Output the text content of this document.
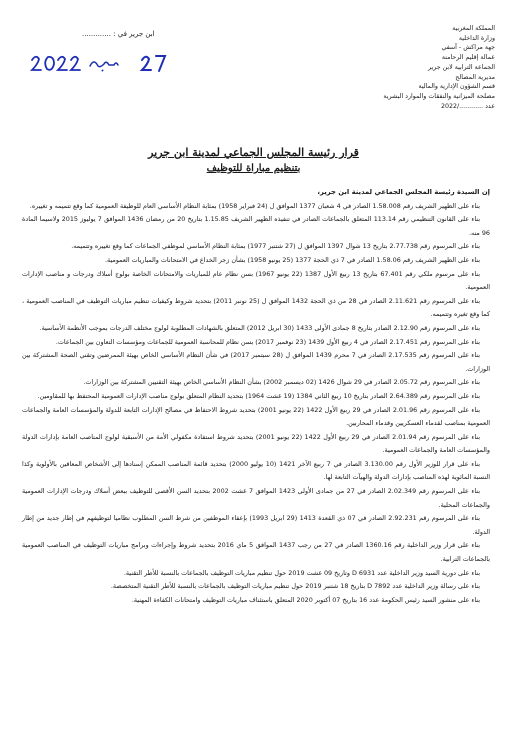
المملكة المغربية
وزارة الداخلية
جهة مراكش - آسفي
عمالة إقليم الرحامنة
الجماعة الترابية لابن جرير
مديرية المصالح
قسم الشؤون الإدارية والمالية
مصلحة الميزانية والنفقات والموارد البشرية
عدد ............/2022
ابن جرير في : .............
قرار رئيسة المجلس الجماعي لمدينة ابن جرير
بتنظيم مباراة للتوظيف

إن السيدة رئيسة المجلس الجماعي لمدينة ابن جرير،

بناء على الظهير الشريف رقم 1.58.008 الصادر في 4 شعبان 1377 الموافق ل (24 فبراير 1958) بمثابة النظام الأساسي العام للوظيفة العمومية كما وقع تتميمه و تغييره.

بناء على القانون التنظيمي رقم 113.14 المتعلق بالجماعات الصادر في تنفيذه الظهير الشريف 1.15.85 بتاريخ 20 من رمضان 1436 الموافق 7 يوليوز 2015 ولاسيما المادة 96 منه.

بناء على المرسوم رقم 2.77.738 بتاريخ 13 شوال 1397 الموافق ل (27 شتنبر 1977) بمثابة النظام الأساسي لموظفي الجماعات كما وقع تغييره وتتميمه.

بناء على الظهير الشريف رقم 1.58.06 الصادر في 7 ذي الحجة 1377 (25 يونيو 1958) بشأن زجر الخداع في الامتحانات والمباريات العمومية.

بناء على مرسوم ملكي رقم 67.401 بتاريخ 13 ربيع الأول 1387 (22 يونيو 1967) بسن نظام عام للمباريات والامتحانات الخاصة بولوج أسلاك ودرجات و مناصب الإدارات العمومية.

بناء على المرسوم رقم 2.11.621 الصادر في 28 من ذي الحجة 1432 الموافق ل (25 نونبر 2011) بتحديد شروط وكيفيات تنظيم مباريات التوظيف في المناصب العمومية ، كما وقع تغيره وتتميمه.

بناء على المرسوم رقم 2.12.90 الصادر بتاريخ 8 جمادى الأولى 1433 (30 ابريل 2012) المتعلق بالشهادات المطلوبة لولوج مختلف الدرجات بموجب الأنظمة الأساسية.

بناء على المرسوم رقم 2.17.451 الصادر في 4 ربيع الأول 1439 (23 نوفمبر 2017) بسن نظام للمحاسبة العمومية للجماعات ومؤسسات التعاون بين الجماعات.

بناء على المرسوم رقم 2.17.535 الصادر في 7 محرم 1439 الموافق ل (28 سبتمبر 2017) في شأن النظام الأساسي الخاص بهيئة الممرضين وتقني الصحة المشتركة بين الوزارات.

بناء على المرسوم رقم 2.05.72 الصادر في 29 شوال 1426 (02 ديسمبر 2002) بشأن النظام الأساسي الخاص بهيئة التقنيين المشتركة بين الوزارات.

بناء على المرسوم رقم 2.64.389 الصادر بتاريخ 10 ربيع الثاني 1384 (19 غشت 1964) بتحديد النظام المتعلق بولوج مناصب الإدارات العمومية المحتفظ بها للمقاومين.

بناء على المرسوم رقم 2.01.96 الصادر في 29 ربيع الأول 1422 (22 يونيو 2001) بتحديد شروط الاحتفاظ في مصالح الإدارات التابعة للدولة والمؤسسات العامة والجماعات العمومية بمناصب لقدماء العسكريين وقدماء المحاربين.

بناء على المرسوم رقم 2.01.94 الصادر في 29 ربيع الأول 1422 (22 يونيو 2001) بتحديد شروط استفادة مكفولي الأمة من الأسبقية لولوج المناصب العامة بإدارات الدولة والمؤسسات العامة والجماعات العمومية.

بناء على قرار للوزير الأول رقم 3.130.00 الصادر في 7 ربيع الآخر 1421 (10 يوليو 2000) بتحديد قائمة المناصب الممكن إسنادها إلى الأشخاص المعاقين بالأولوية وكذا النسبة المائوية لهذه المناصب بإدارات الدولة والهيآت التابعة لها.

بناء على المرسوم رقم 2.02.349 الصادر في 27 من جمادى الأولى 1423 الموافق 7 غشت 2002 بتحديد السن الأقصى للتوظيف ببعض أسلاك ودرجات الإدارات العمومية والجماعات المحلية.

بناء على المرسوم رقم 2.92.231 الصادر في 07 ذي القعدة 1413 (29 ابريل 1993) بإعفاء الموظفين من شرط السن المطلوب نظاميا لتوظيفهم في إطار جديد من إطار الدولة.

بناء على قرار وزير الداخلية رقم 1360.16 الصادر في 27 من رجب 1437 الموافق 5 ماي 2016 بتحديد شروط وإجراءات وبرامج مباريات التوظيف في المناصب العمومية بالجماعات الترابية.

بناء على دورية السيد وزير الداخلية عدد D 6931 وتاريخ 09 غشت 2019 حول تنظيم مباريات التوظيف بالجماعات بالنسبة للأطر التقنية.

بناء على رسالة وزير الداخلية عدد D 7892 بتاريخ 18 شتنبر 2019 حول تنظيم مباريات التوظيف بالجماعات بالنسبة للأطر التقنية المتخصصة.

بناء على منشور السيد رئيس الحكومة عدد 16 بتاريخ 07 أكتوبر 2020 المتعلق باستئناف مباريات التوظيف وامتحانات الكفاءة المهنية.
